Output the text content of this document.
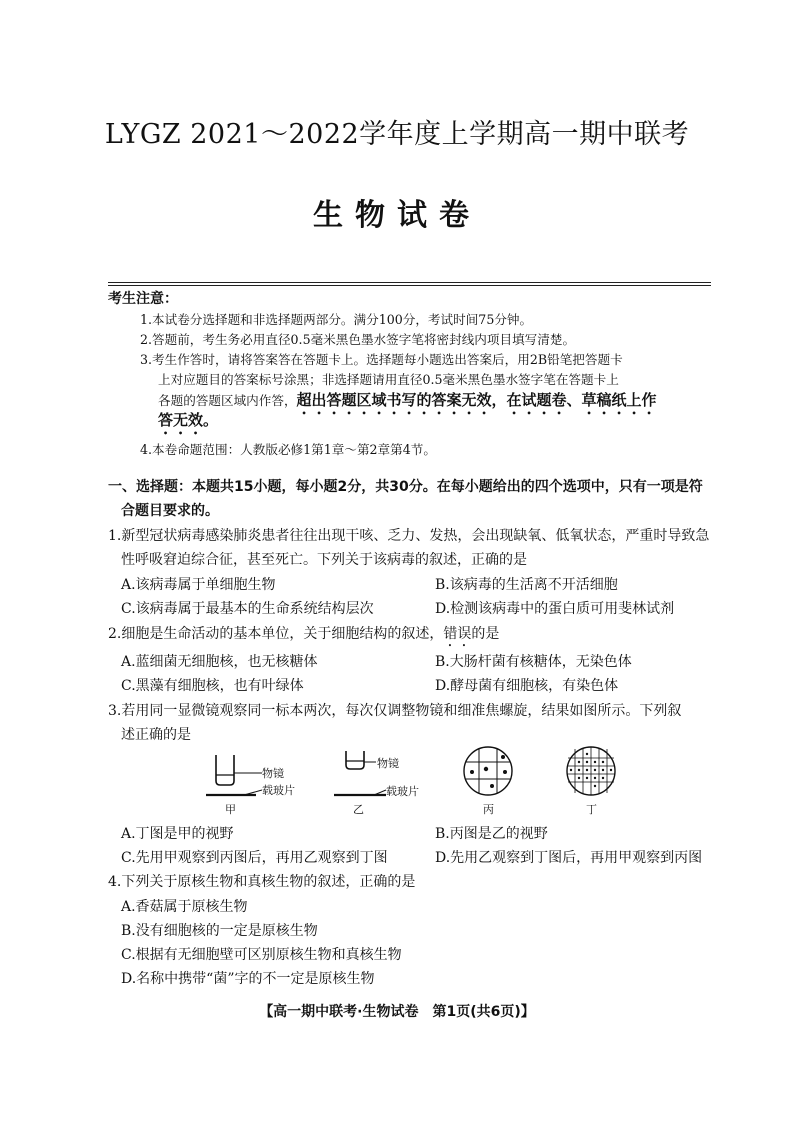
LYGZ 2021～2022学年度上学期高一期中联考
生物试卷
考生注意：
1.本试卷分选择题和非选择题两部分。满分100分，考试时间75分钟。
2.答题前，考生务必用直径0.5毫米黑色墨水签字笔将密封线内项目填写清楚。
3.考生作答时，请将答案答在答题卡上。选择题每小题选出答案后，用2B铅笔把答题卡
上对应题目的答案标号涂黑；非选择题请用直径0.5毫米黑色墨水签字笔在答题卡上
各题的答题区域内作答，超出答题区域书写的答案无效，在试题卷、草稿纸上作
答无效。
4.本卷命题范围：人教版必修1第1章～第2章第4节。
一、选择题：本题共15小题，每小题2分，共30分。在每小题给出的四个选项中，只有一项是符
合题目要求的。
1.新型冠状病毒感染肺炎患者往往出现干咳、乏力、发热，会出现缺氧、低氧状态，严重时导致急
性呼吸窘迫综合征，甚至死亡。下列关于该病毒的叙述，正确的是
A.该病毒属于单细胞生物	B.该病毒的生活离不开活细胞
C.该病毒属于最基本的生命系统结构层次	D.检测该病毒中的蛋白质可用斐林试剂
2.细胞是生命活动的基本单位，关于细胞结构的叙述，错误的是
A.蓝细菌无细胞核，也无核糖体	B.大肠杆菌有核糖体，无染色体
C.黑藻有细胞核，也有叶绿体	D.酵母菌有细胞核，有染色体
3.若用同一显微镜观察同一标本两次，每次仅调整物镜和细准焦螺旋，结果如图所示。下列叙
述正确的是
物镜
载玻片
物镜
载玻片
甲	乙	丙	丁
A.丁图是甲的视野	B.丙图是乙的视野
C.先用甲观察到丙图后，再用乙观察到丁图	D.先用乙观察到丁图后，再用甲观察到丙图
4.下列关于原核生物和真核生物的叙述，正确的是
A.香菇属于原核生物
B.没有细胞核的一定是原核生物
C.根据有无细胞壁可区别原核生物和真核生物
D.名称中携带“菌”字的不一定是原核生物
【高一期中联考·生物试卷　第1页(共6页)】
